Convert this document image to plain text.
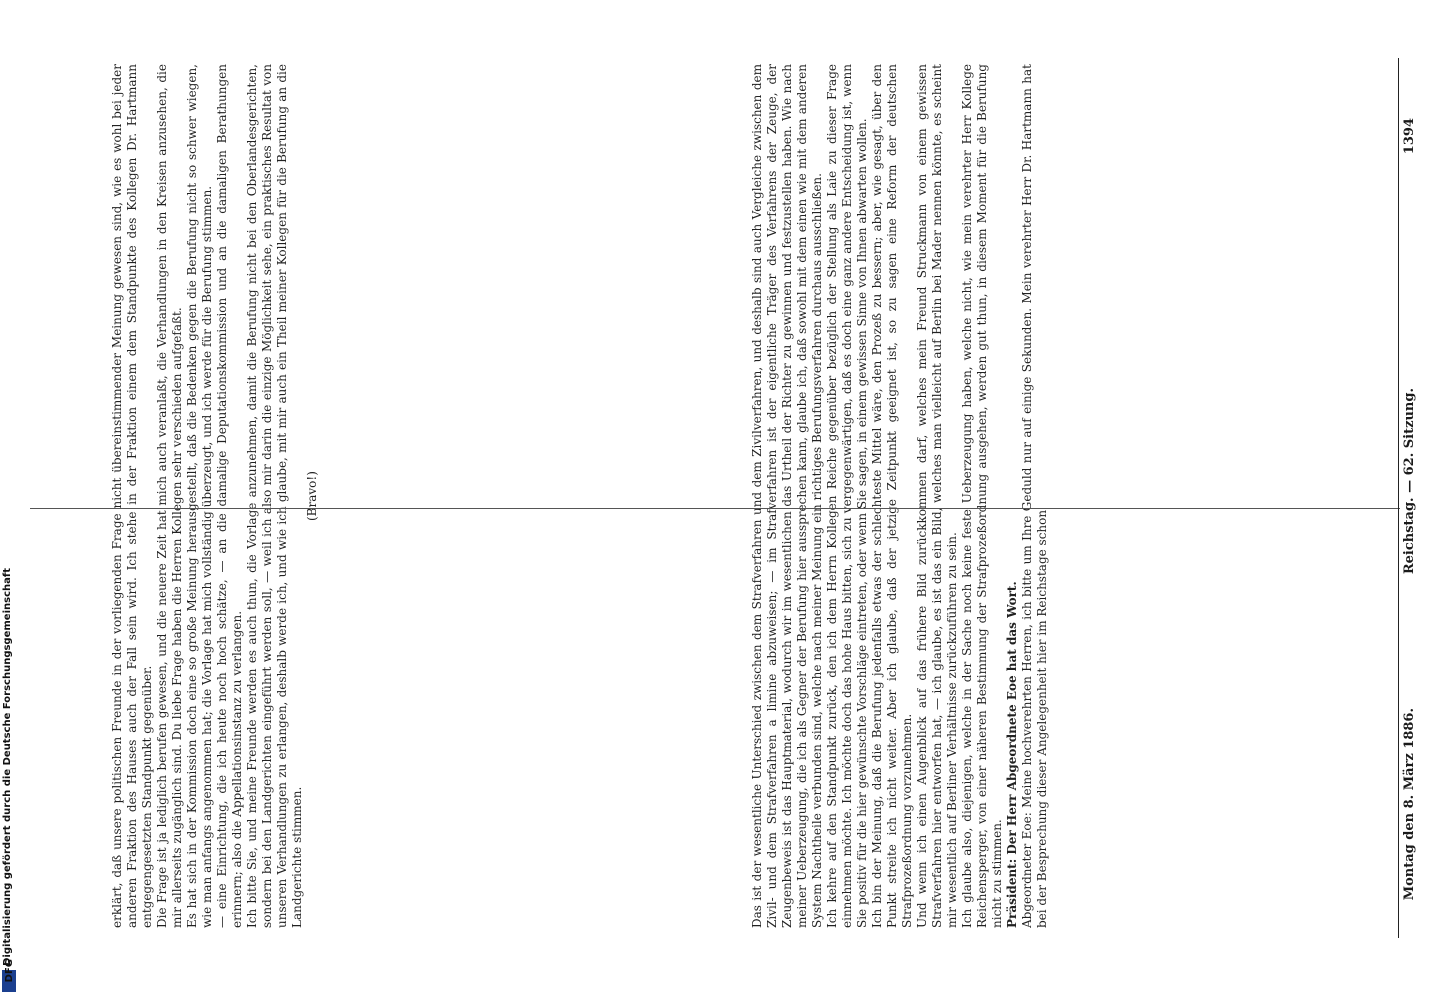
Digitalisierung gefördert durch die Deutsche Forschungsgemeinschaft
DFG
1394
Reichstag. — 62. Sitzung.
Montag den 8. März 1886.

Das ist der wesentliche Unterschied zwischen dem Strafverfahren und dem Zivilverfahren, und deshalb sind auch Vergleiche zwischen dem Zivil- und dem Strafverfahren a limine abzuweisen; — im Strafverfahren ist der eigentliche Träger des Verfahrens der Zeuge, der Zeugenbeweis ist das Hauptmaterial, wodurch wir im wesentlichen das Urtheil der Richter zu gewinnen und festzustellen haben. Wie nach meiner Ueberzeugung, die ich als Gegner der Berufung hier aussprechen kann, glaube ich, daß sowohl mit dem einen wie mit dem anderen System Nachtheile verbunden sind, welche nach meiner Meinung ein richtiges Berufungsverfahren durchaus ausschließen. Ich kehre auf den Standpunkt zurück, den ich dem Herrn Kollegen Reiche gegenüber bezüglich der Stellung als Laie zu dieser Frage einnehmen möchte. Ich möchte doch das hohe Haus bitten, sich zu vergegenwärtigen, daß es doch eine ganz andere Entscheidung ist, wenn Sie positiv für die hier gewünschte Vorschläge eintreten, oder wenn Sie sagen, in einem gewissen Sinne von Ihnen abwarten wollen. Ich bin der Meinung, daß die Berufung jedenfalls etwas der schlechteste Mittel wäre, den Prozeß zu bessern; aber, wie gesagt, über den Punkt streite ich nicht weiter. Aber ich glaube, daß der jetzige Zeitpunkt geeignet ist, so zu sagen eine Reform der deutschen Strafprozeßordnung vorzunehmen. Und wenn ich einen Augenblick auf das frühere Bild zurückkommen darf, welches mein Freund Struckmann von einem gewissen Strafverfahren hier entworfen hat, — ich glaube, es ist das ein Bild, welches man vielleicht auf Berlin bei Mader nennen könnte, es scheint mir wesentlich auf Berliner Verhältnisse zurückzuführen zu sein. Ich glaube also, diejenigen, welche in der Sache noch keine feste Ueberzeugung haben, welche nicht, wie mein verehrter Herr Kollege Reichensperger, von einer näheren Bestimmung der Strafprozeßordnung ausgehen, werden gut thun, in diesem Moment für die Berufung nicht zu stimmen. Präsident: Der Herr Abgeordnete Eoe hat das Wort. Abgeordneter Eoe: Meine hochverehrten Herren, ich bitte um Ihre Geduld nur auf einige Sekunden. Mein verehrter Herr Dr. Hartmann hat bei der Besprechung dieser Angelegenheit hier im Reichstage schon

erklärt, daß unsere politischen Freunde in der vorliegenden Frage nicht übereinstimmender Meinung gewesen sind, wie es wohl bei jeder anderen Fraktion des Hauses auch der Fall sein wird. Ich stehe in der Fraktion einem dem Standpunkte des Kollegen Dr. Hartmann entgegengesetzten Standpunkt gegenüber. Die Frage ist ja lediglich berufen gewesen, und die neuere Zeit hat mich auch veranlaßt, die Verhandlungen in den Kreisen anzusehen, die mir allerseits zugänglich sind. Du liebe Frage haben die Herren Kollegen sehr verschieden aufgefaßt. Es hat sich in der Kommission doch eine so große Meinung herausgestellt, daß die Bedenken gegen die Berufung nicht so schwer wiegen, wie man anfangs angenommen hat; die Vorlage hat mich vollständig überzeugt, und ich werde für die Berufung stimmen. — eine Einrichtung, die ich heute noch hoch schätze, — an die damalige Deputationskommission und an die damaligen Berathungen erinnern; also die Appellationsinstanz zu verlangen. Ich bitte Sie, und meine Freunde werden es auch thun, die Vorlage anzunehmen, damit die Berufung nicht bei den Oberlandesgerichten, sondern bei den Landgerichten eingeführt werden soll, — weil ich also mir darin die einzige Möglichkeit sehe, ein praktisches Resultat von unseren Verhandlungen zu erlangen, deshalb werde ich, und wie ich glaube, mit mir auch ein Theil meiner Kollegen für die Berufung an die Landgerichte stimmen.

(Bravo!)
